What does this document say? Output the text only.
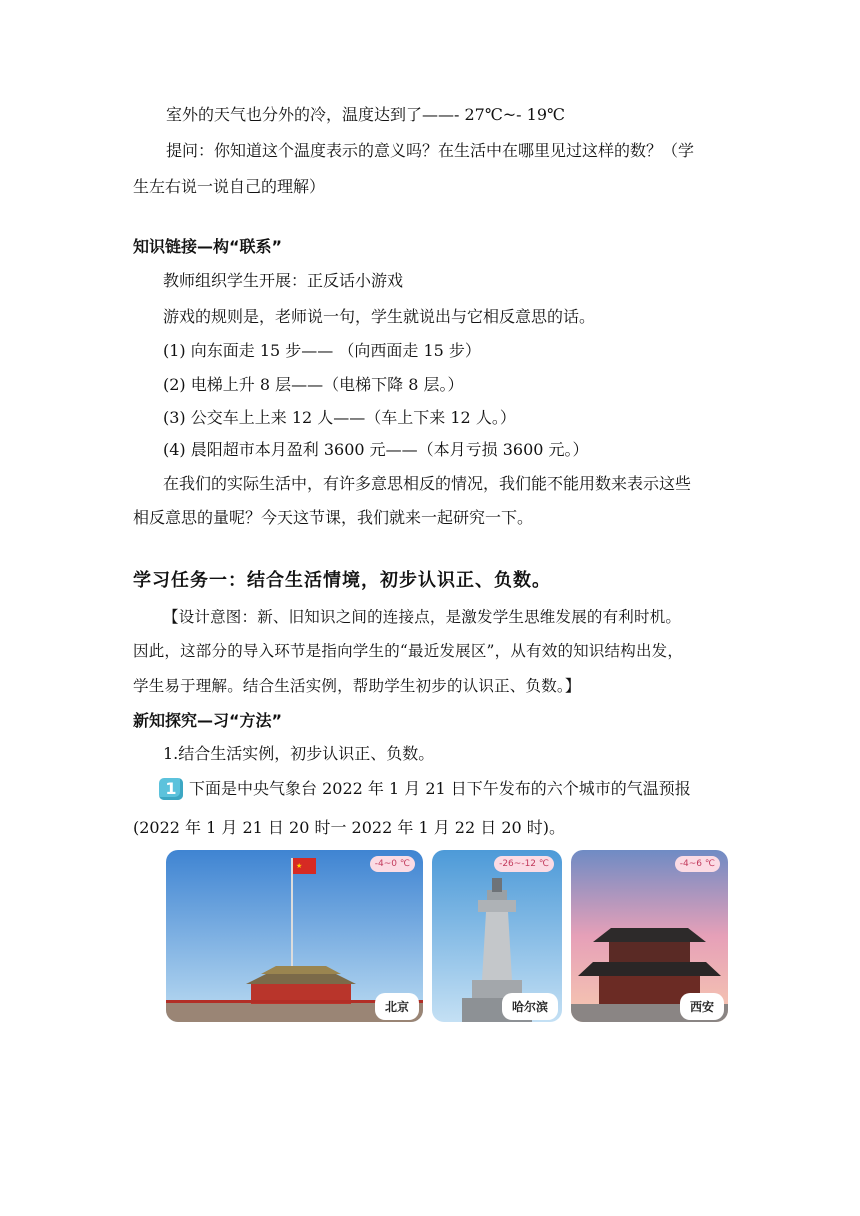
室外的天气也分外的冷，温度达到了——- 27℃~- 19℃
提问：你知道这个温度表示的意义吗？在生活中在哪里见过这样的数？（学
生左右说一说自己的理解）
知识链接—构“联系”
教师组织学生开展：正反话小游戏
游戏的规则是，老师说一句，学生就说出与它相反意思的话。
(1) 向东面走 15 步—— （向西面走 15 步）
(2) 电梯上升 8 层——（电梯下降 8 层。）
(3) 公交车上上来 12 人——（车上下来 12 人。）
(4) 晨阳超市本月盈利 3600 元——（本月亏损 3600 元。）
在我们的实际生活中，有许多意思相反的情况，我们能不能用数来表示这些
相反意思的量呢？今天这节课，我们就来一起研究一下。
学习任务一：结合生活情境，初步认识正、负数。
【设计意图：新、旧知识之间的连接点，是激发学生思维发展的有利时机。
因此，这部分的导入环节是指向学生的“最近发展区”，从有效的知识结构出发，
学生易于理解。结合生活实例，帮助学生初步的认识正、负数。】
新知探究—习“方法”
1.结合生活实例，初步认识正、负数。
1 下面是中央气象台 2022 年 1 月 21 日下午发布的六个城市的气温预报
(2022 年 1 月 21 日 20 时一 2022 年 1 月 22 日 20 时)。
★	-4~0 ℃
北京
-26~-12 ℃
哈尔滨
-4~6 ℃
西安
